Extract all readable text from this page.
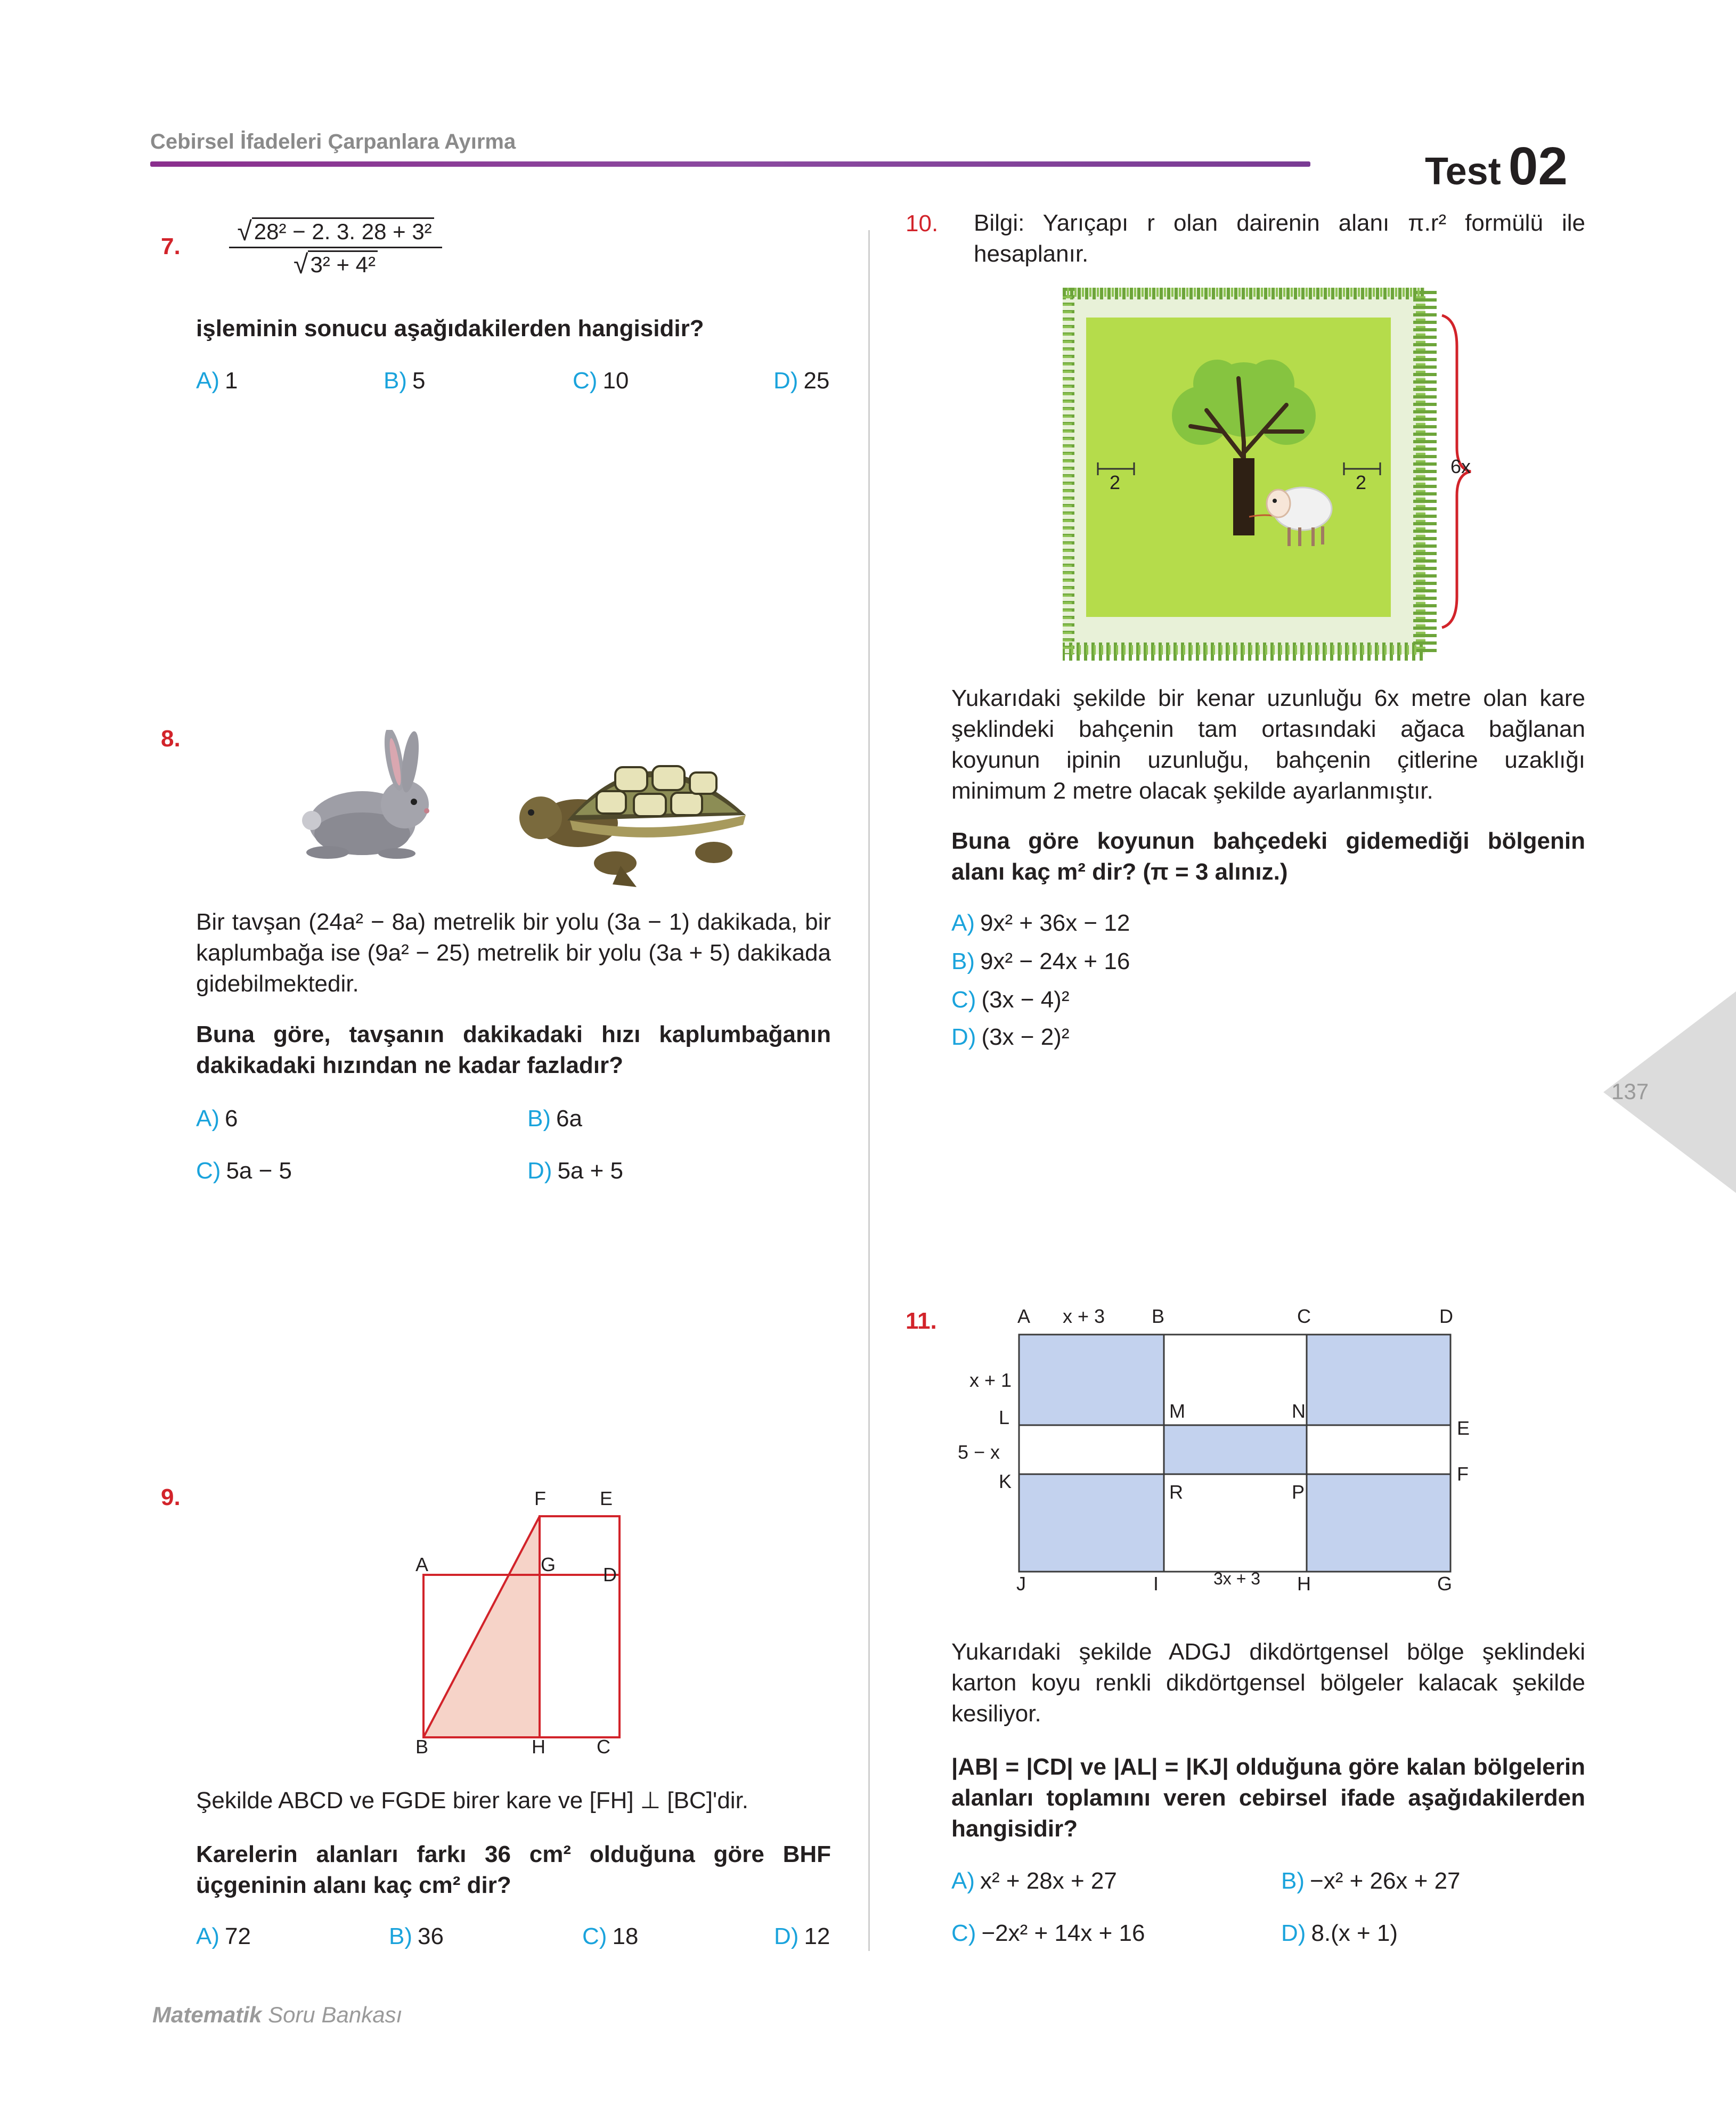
Cebirsel İfadeleri Çarpanlara Ayırma
Test 02
7.
√ 28² − 2. 3. 28 + 3²
√ 3² + 4²
işleminin sonucu aşağıdakilerden hangisidir?
A) 1	B) 5	C) 10	D) 25
8.
Bir tavşan (24a² − 8a) metrelik bir yolu (3a − 1) dakikada, bir kaplumbağa ise (9a² − 25) metrelik bir yolu (3a + 5) dakikada gidebilmektedir.
Buna göre, tavşanın dakikadaki hızı kaplumbağanın dakikadaki hızından ne kadar fazladır?
A) 6	B) 6a
C) 5a − 5	D) 5a + 5
9.	F	E
A	G D
B	H	C
Şekilde ABCD ve FGDE birer kare ve [FH] ⊥ [BC]'dir.
Karelerin alanları farkı 36 cm² olduğuna göre BHF üçgeninin alanı kaç cm² dir?
A) 72	B) 36	C) 18	D) 12
10. Bilgi: Yarıçapı r olan dairenin alanı π.r² formülü ile hesaplanır.
2	2
6x
Yukarıdaki şekilde bir kenar uzunluğu 6x metre olan kare şeklindeki bahçenin tam ortasındaki ağaca bağlanan koyunun ipinin uzunluğu, bahçenin çitlerine uzaklığı minimum 2 metre olacak şekilde ayarlanmıştır.
Buna göre koyunun bahçedeki gidemediği bölgenin alanı kaç m² dir? (π = 3 alınız.)
A) 9x² + 36x − 12
B) 9x² − 24x + 16
C) (3x − 4)²
D) (3x − 2)²
137
11.	A x + 3 B	C	D
x + 1
L	M	N
E
5 − x
K	F
R	P
J	I	3x + 3 H	G
Yukarıdaki şekilde ADGJ dikdörtgensel bölge şeklindeki karton koyu renkli dikdörtgensel bölgeler kalacak şekilde kesiliyor.
|AB| = |CD| ve |AL| = |KJ| olduğuna göre kalan bölgelerin alanları toplamını veren cebirsel ifade aşağıdakilerden hangisidir?
A) x² + 28x + 27	B) −x² + 26x + 27
C) −2x² + 14x + 16	D) 8.(x + 1)
Matematik Soru Bankası
